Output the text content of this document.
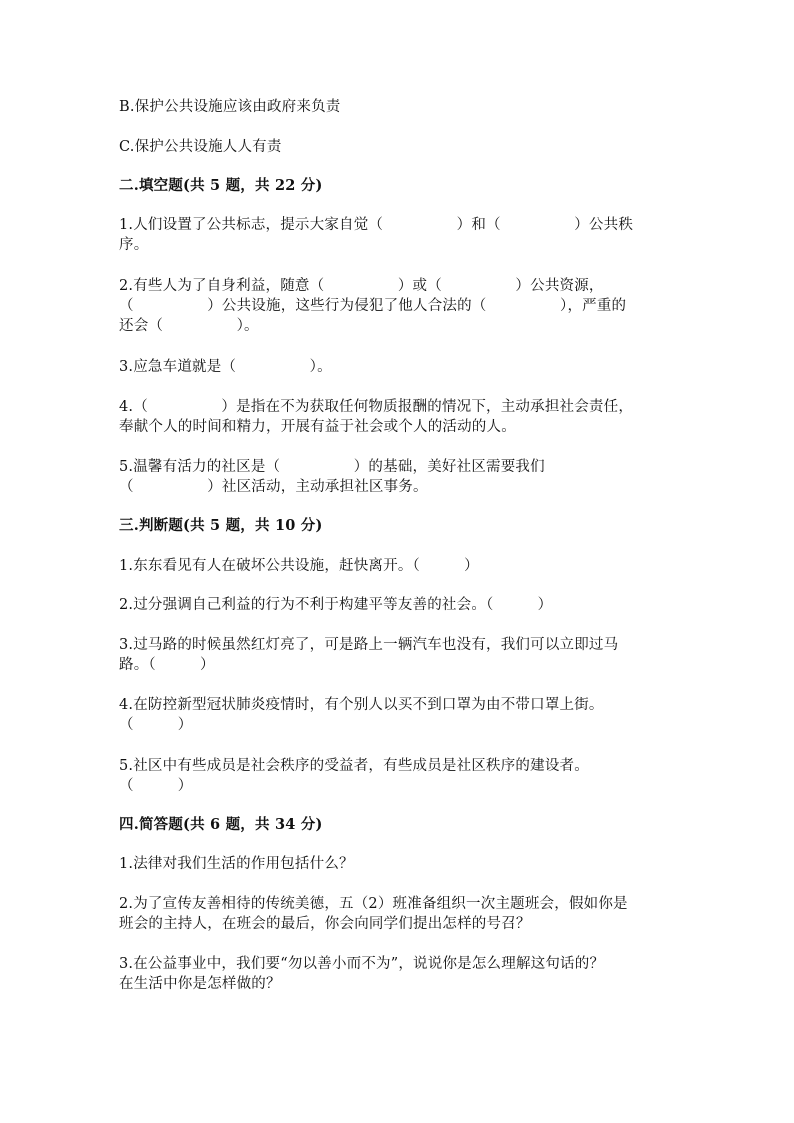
B.保护公共设施应该由政府来负责

C.保护公共设施人人有责

二.填空题(共 5 题，共 22 分)

1.人们设置了公共标志，提示大家自觉（　　　　　）和（　　　　　）公共秩

序。

2.有些人为了自身利益，随意（　　　　　）或（　　　　　）公共资源，

（　　　　　）公共设施，这些行为侵犯了他人合法的（　　　　　），严重的

还会（　　　　　）。

3.应急车道就是（　　　　　）。

4.（　　　　　）是指在不为获取任何物质报酬的情况下，主动承担社会责任，

奉献个人的时间和精力，开展有益于社会或个人的活动的人。

5.温馨有活力的社区是（　　　　　）的基础，美好社区需要我们

（　　　　　）社区活动，主动承担社区事务。

三.判断题(共 5 题，共 10 分)

1.东东看见有人在破坏公共设施，赶快离开。（　　　）

2.过分强调自己利益的行为不利于构建平等友善的社会。（　　　）

3.过马路的时候虽然红灯亮了，可是路上一辆汽车也没有，我们可以立即过马

路。（　　　）

4.在防控新型冠状肺炎疫情时，有个别人以买不到口罩为由不带口罩上街。

（　　　）

5.社区中有些成员是社会秩序的受益者，有些成员是社区秩序的建设者。

（　　　）

四.简答题(共 6 题，共 34 分)

1.法律对我们生活的作用包括什么？

2.为了宣传友善相待的传统美德，五（2）班准备组织一次主题班会，假如你是

班会的主持人，在班会的最后，你会向同学们提出怎样的号召？

3.在公益事业中，我们要“勿以善小而不为”，说说你是怎么理解这句话的？

在生活中你是怎样做的？
